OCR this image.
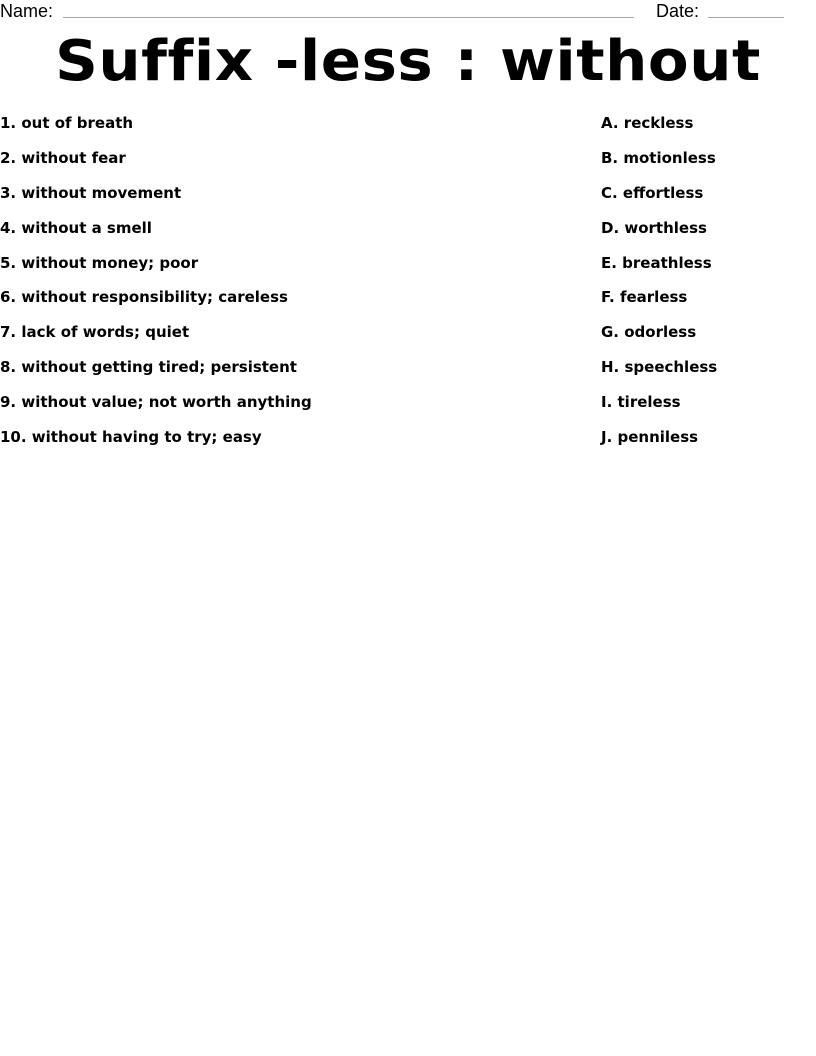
Name:	Date:
Suffix -less : without
1. out of breath
2. without fear
3. without movement
4. without a smell
5. without money; poor
6. without responsibility; careless
7. lack of words; quiet
8. without getting tired; persistent
9. without value; not worth anything
10. without having to try; easy
A. reckless
B. motionless
C. effortless
D. worthless
E. breathless
F. fearless
G. odorless
H. speechless
I. tireless
J. penniless
